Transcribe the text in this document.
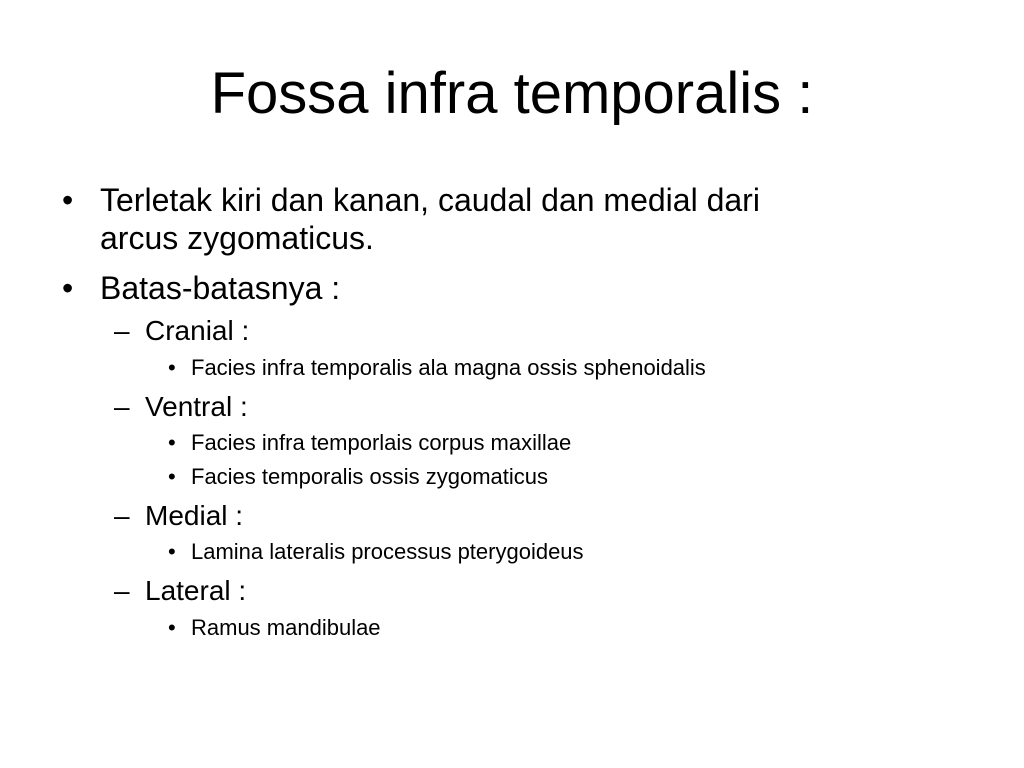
Fossa infra temporalis :
• Terletak kiri dan kanan, caudal dan medial dari
arcus zygomaticus.
• Batas-batasnya :
– Cranial :
• Facies infra temporalis ala magna ossis sphenoidalis
– Ventral :
• Facies infra temporlais corpus maxillae
• Facies temporalis ossis zygomaticus
– Medial :
• Lamina lateralis processus pterygoideus
– Lateral :
• Ramus mandibulae
